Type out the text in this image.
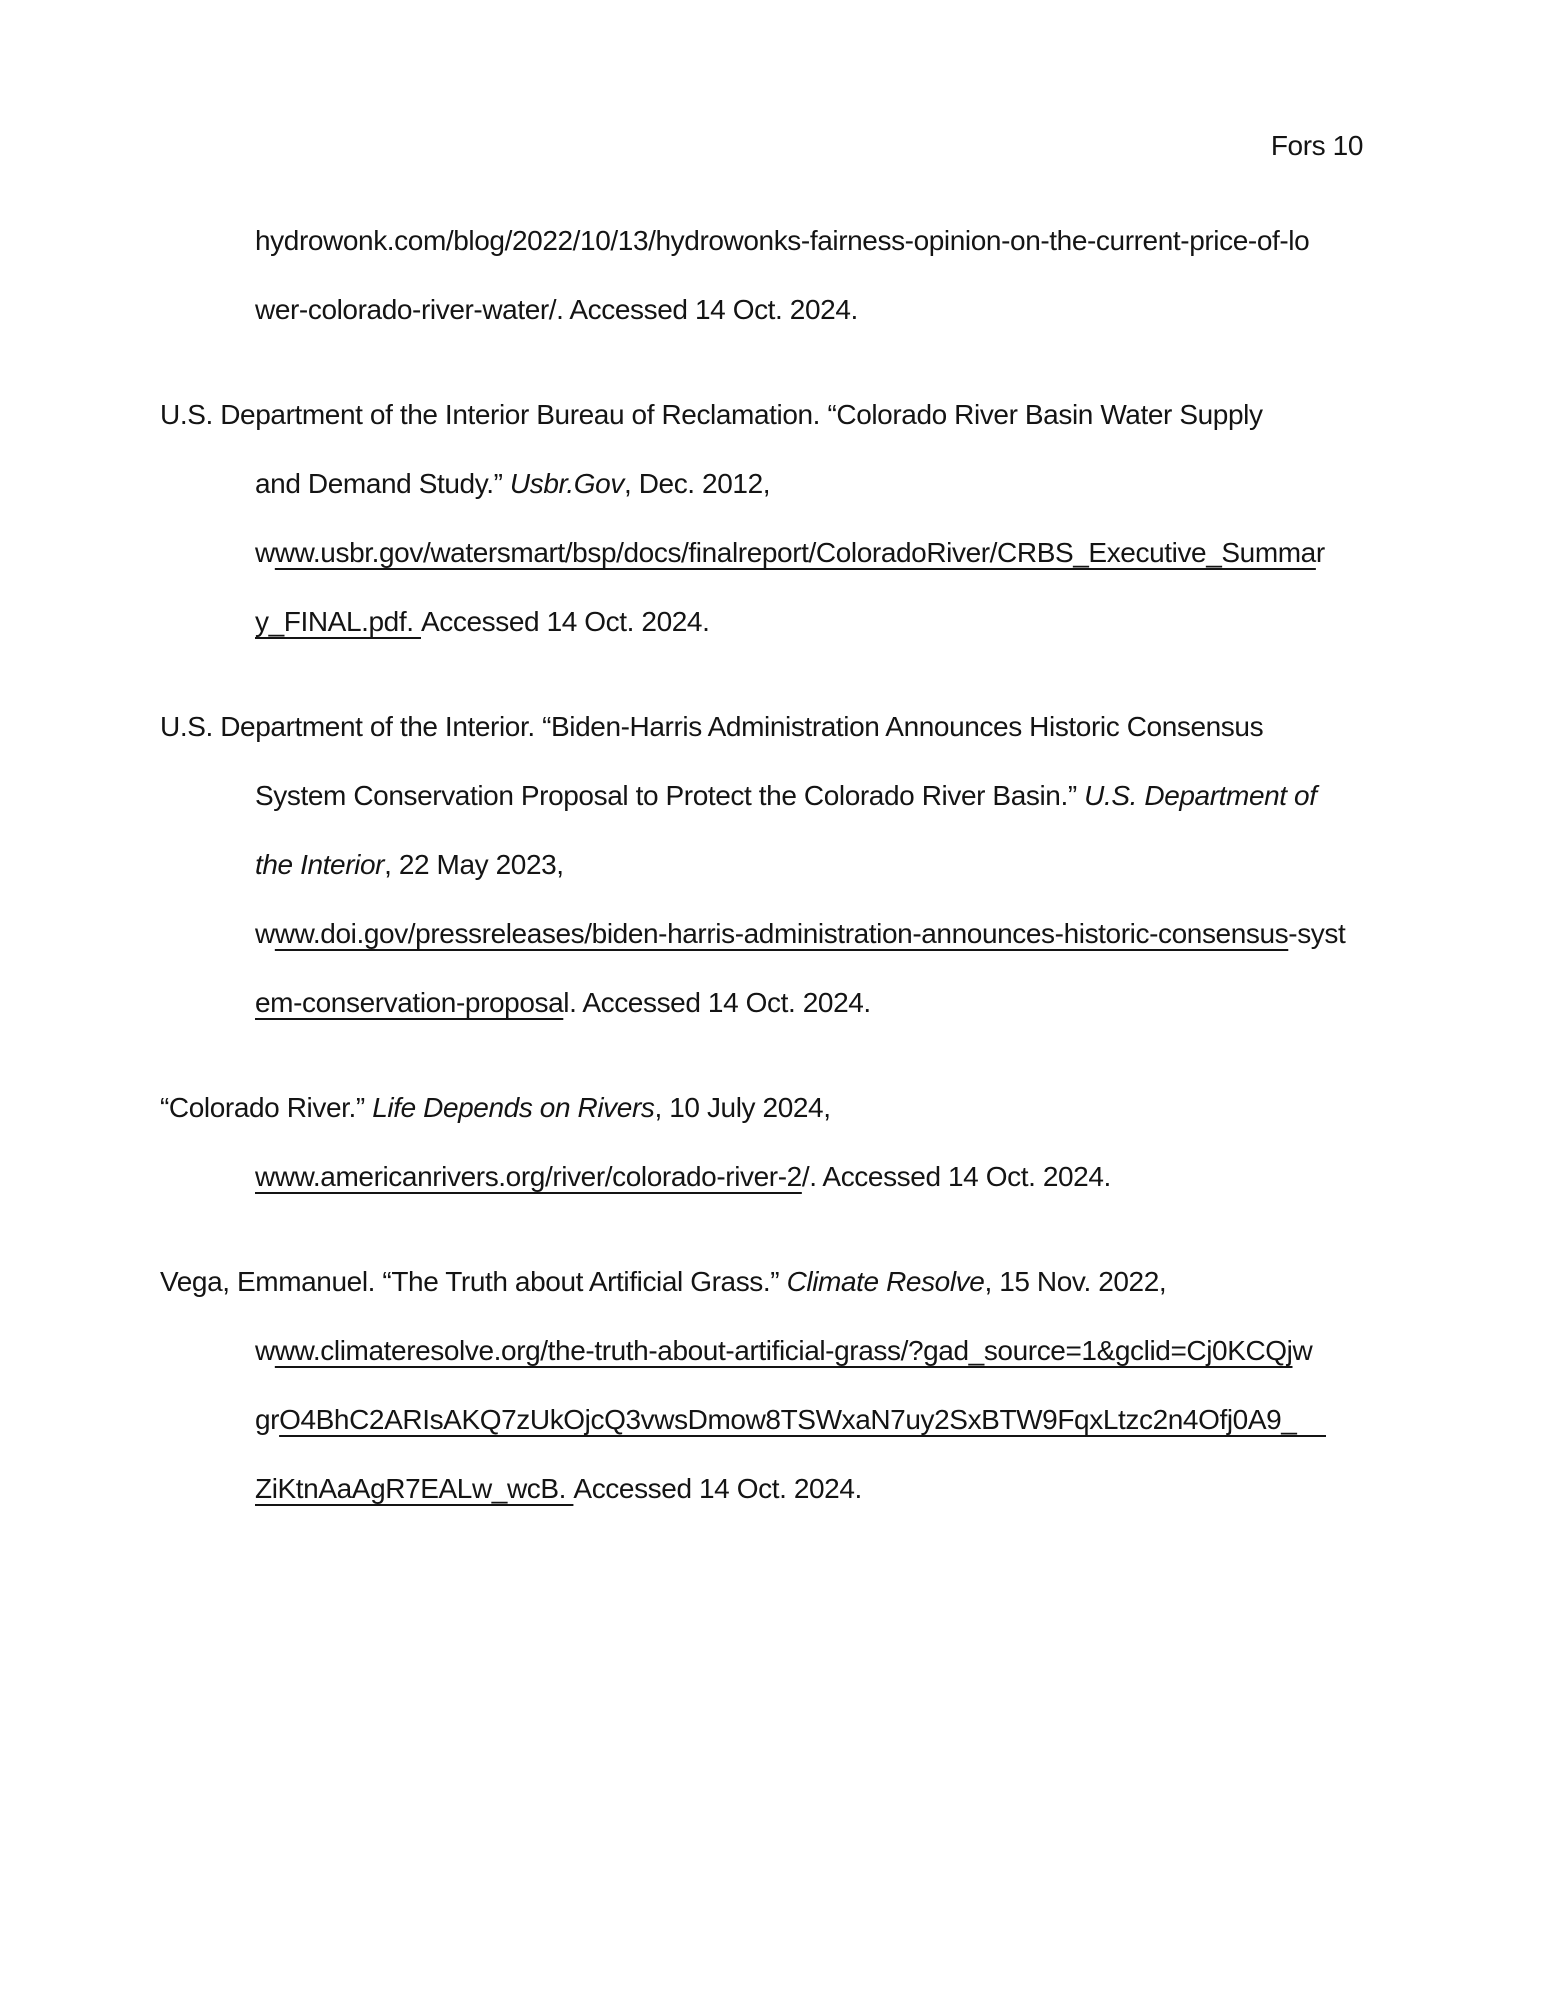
Fors 10
hydrowonk.com/blog/2022/10/13/hydrowonks-fairness-opinion-on-the-current-price-of-lo
wer-colorado-river-water/. Accessed 14 Oct. 2024.
U.S. Department of the Interior Bureau of Reclamation. “Colorado River Basin Water Supply
and Demand Study.” Usbr.Gov, Dec. 2012,
www.usbr.gov/watersmart/bsp/docs/finalreport/ColoradoRiver/CRBS_Executive_Summar
y_FINAL.pdf. Accessed 14 Oct. 2024.
U.S. Department of the Interior. “Biden-Harris Administration Announces Historic Consensus
System Conservation Proposal to Protect the Colorado River Basin.” U.S. Department of
the Interior, 22 May 2023,
www.doi.gov/pressreleases/biden-harris-administration-announces-historic-consensus-syst
em-conservation-proposal. Accessed 14 Oct. 2024.
“Colorado River.” Life Depends on Rivers, 10 July 2024,
www.americanrivers.org/river/colorado-river-2/. Accessed 14 Oct. 2024.
Vega, Emmanuel. “The Truth about Artificial Grass.” Climate Resolve, 15 Nov. 2022,
www.climateresolve.org/the-truth-about-artificial-grass/?gad_source=1&gclid=Cj0KCQjw
grO4BhC2ARIsAKQ7zUkOjcQ3vwsDmow8TSWxaN7uy2SxBTW9FqxLtzc2n4Ofj0A9_
ZiKtnAaAgR7EALw_wcB. Accessed 14 Oct. 2024.
